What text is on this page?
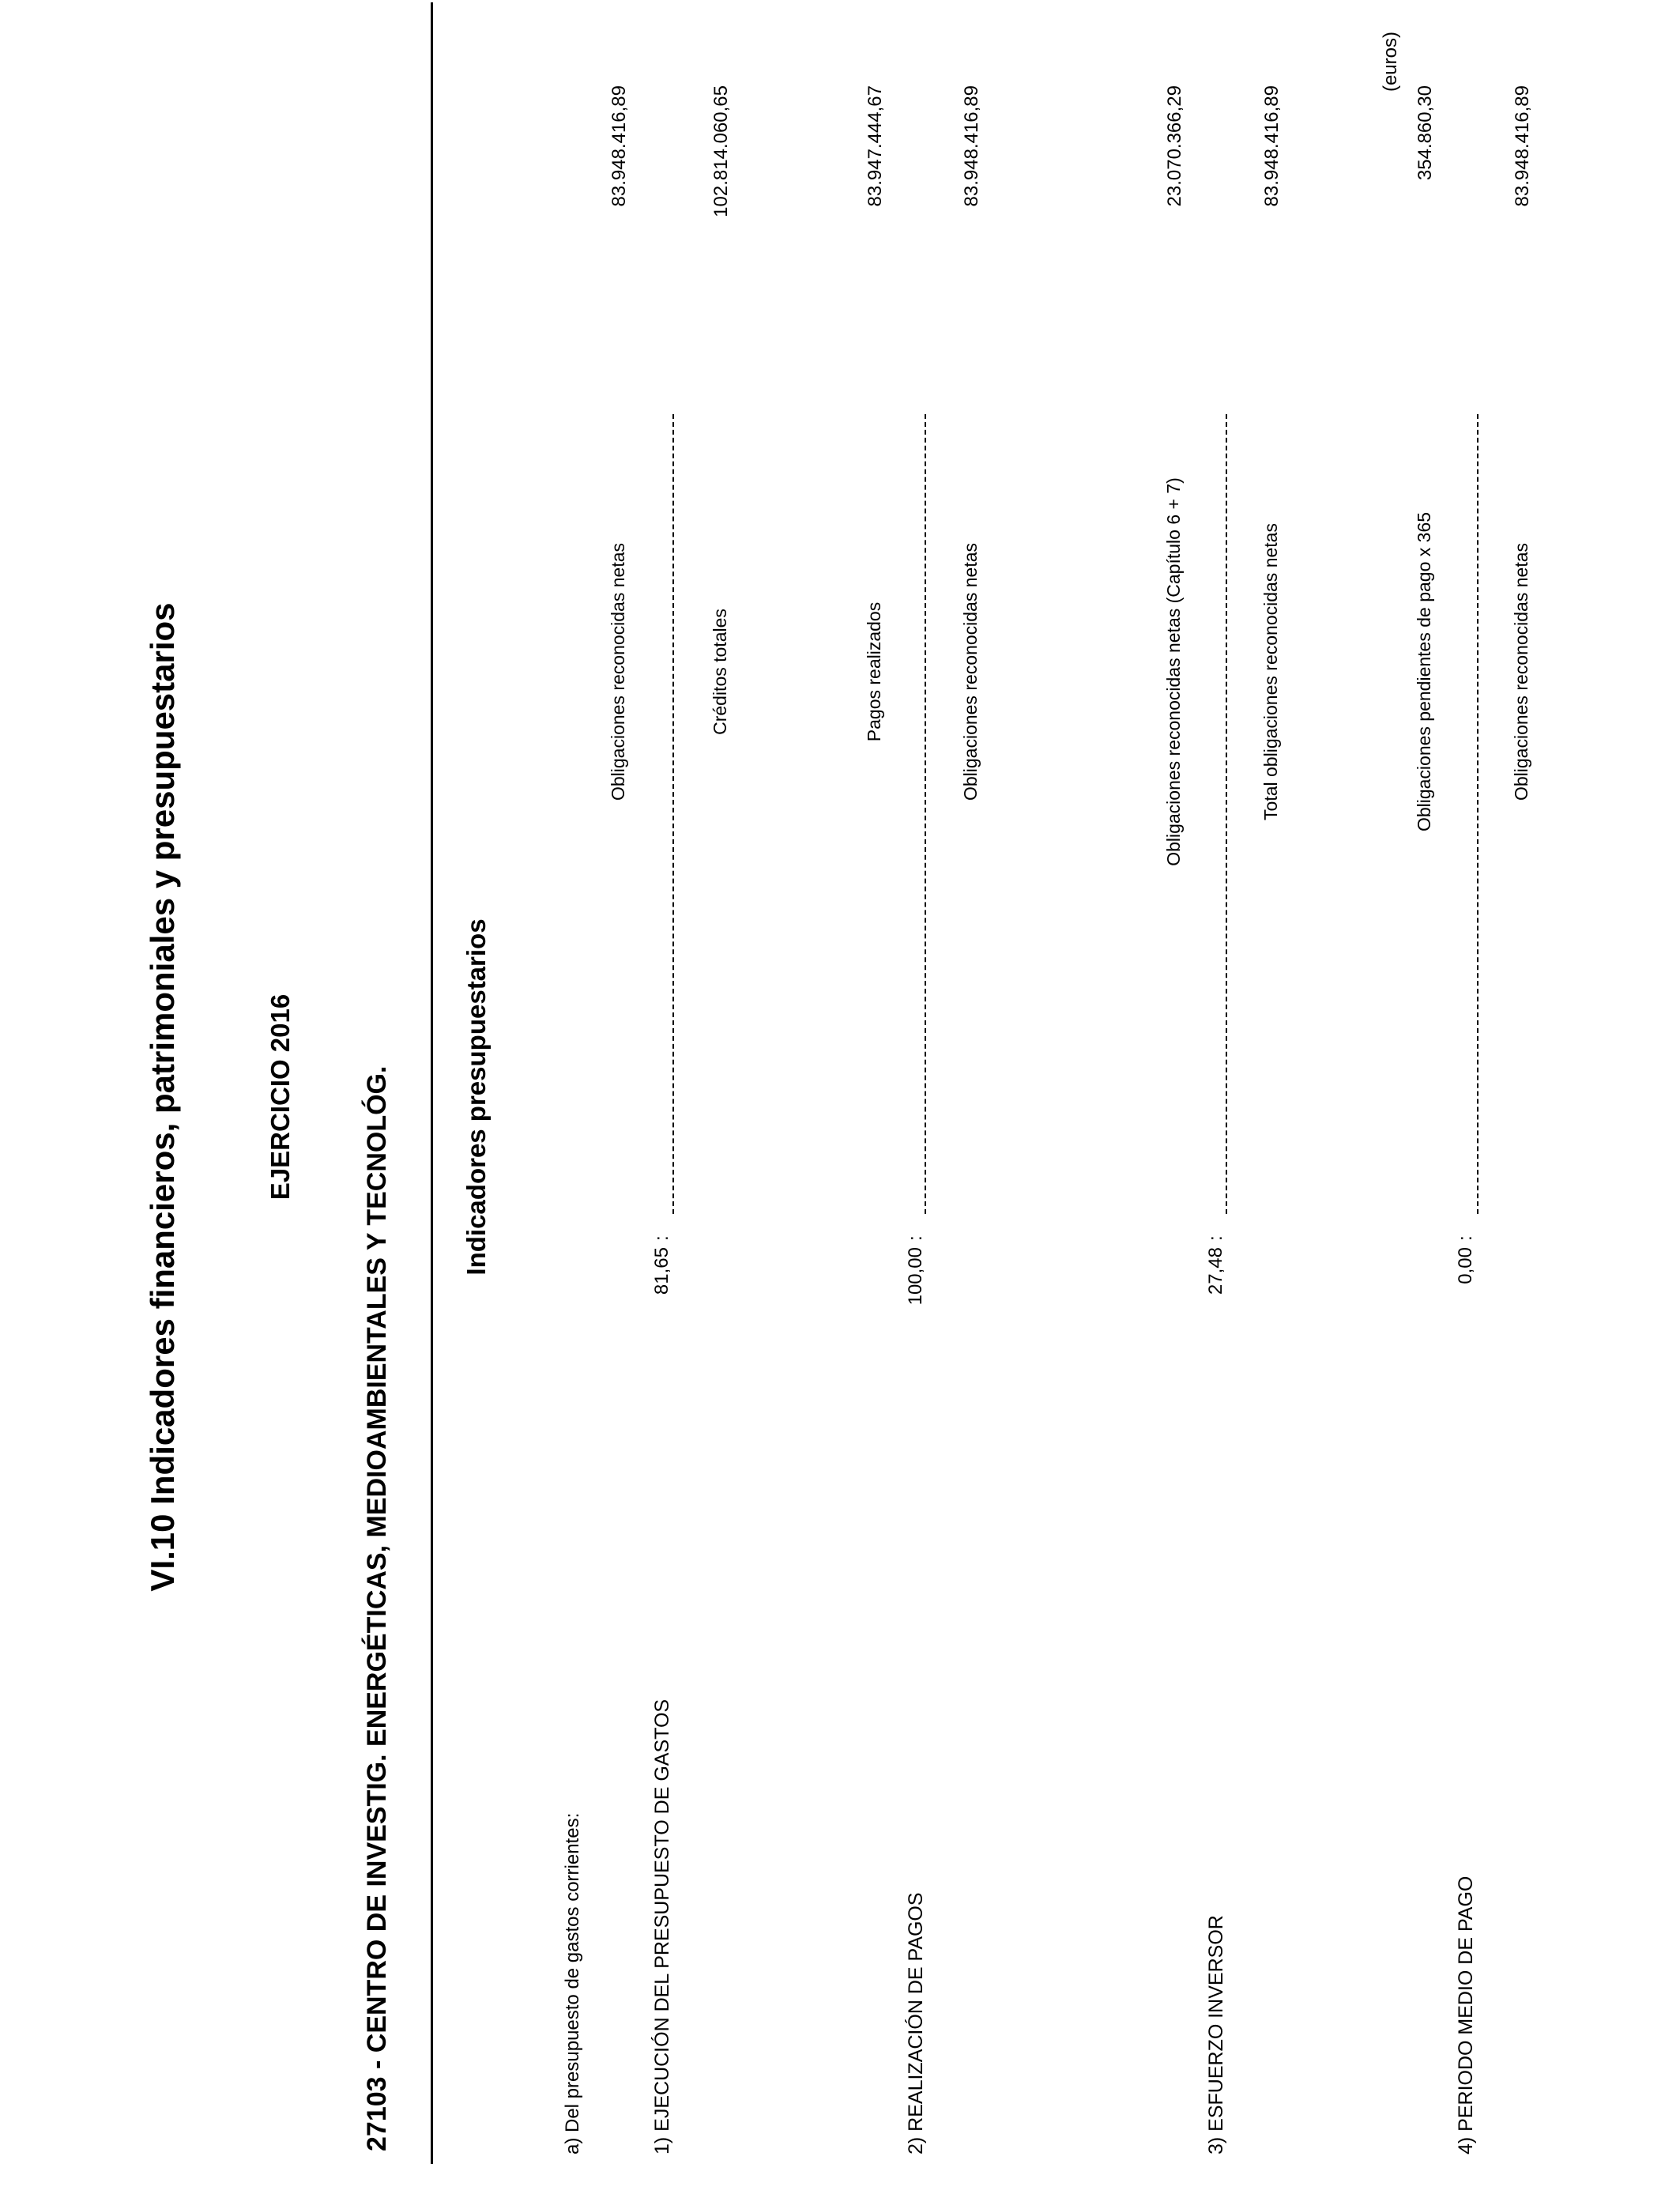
VI.10 Indicadores financieros, patrimoniales y presupuestarios	EJERCICIO 2016	27103 - CENTRO DE INVESTIG. ENERGÉTICAS, MEDIOAMBIENTALES Y TECNOLÓG.
(euros)
Indicadores presupuestarios
a) Del presupuesto de gastos corrientes:	1) EJECUCIÓN DEL PRESUPUESTO DE GASTOS
81,65
:
Obligaciones reconocidas netas	Créditos totales
83.948.416,89	102.814.060,65
2) REALIZACIÓN DE PAGOS
100,00
:
Pagos realizados	Obligaciones reconocidas netas
83.947.444,67	83.948.416,89
3) ESFUERZO INVERSOR
27,48
:
Obligaciones reconocidas netas (Capítulo 6 + 7)	Total obligaciones reconocidas netas
23.070.366,29	83.948.416,89
4) PERIODO MEDIO DE PAGO
0,00
:
Obligaciones pendientes de pago x 365	Obligaciones reconocidas netas
354.860,30	83.948.416,89
